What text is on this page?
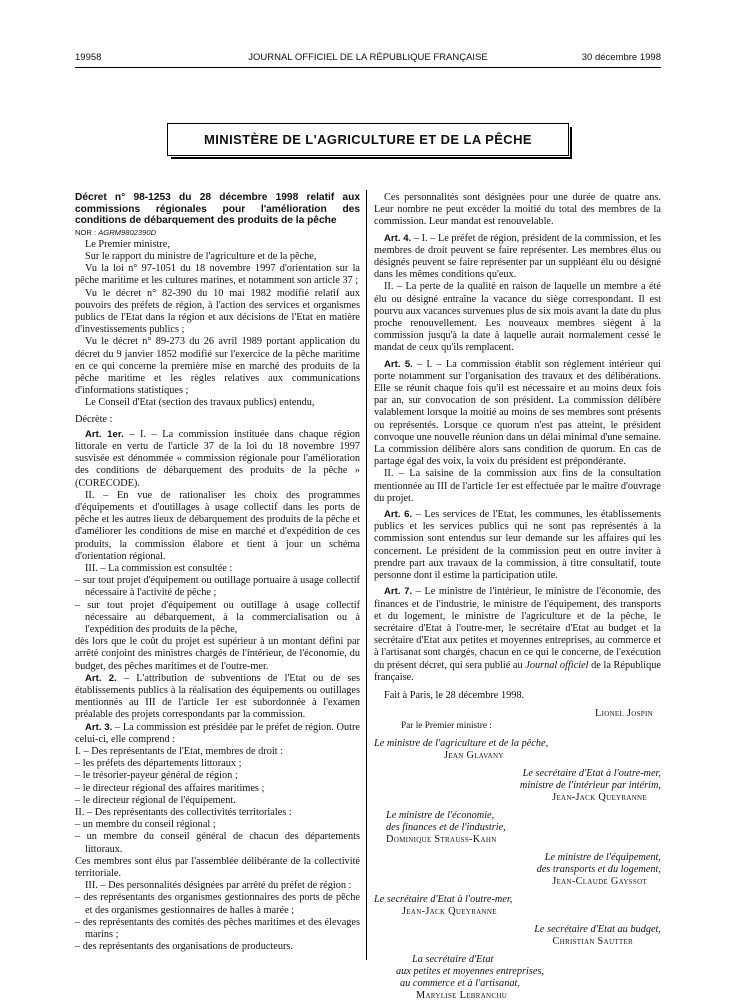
19958	JOURNAL OFFICIEL DE LA RÉPUBLIQUE FRANÇAISE	30 décembre 1998
MINISTÈRE DE L'AGRICULTURE ET DE LA PÊCHE

Décret n° 98-1253 du 28 décembre 1998 relatif aux commissions régionales pour l'amélioration des conditions de débarquement des produits de la pêche

NOR : AGRM9802390D

Le Premier ministre,

Sur le rapport du ministre de l'agriculture et de la pêche,

Vu la loi n° 97-1051 du 18 novembre 1997 d'orientation sur la pêche maritime et les cultures marines, et notamment son article 37 ;

Vu le décret n° 82-390 du 10 mai 1982 modifié relatif aux pouvoirs des préfets de région, à l'action des services et organismes publics de l'Etat dans la région et aux décisions de l'Etat en matière d'investissements publics ;

Vu le décret n° 89-273 du 26 avril 1989 portant application du décret du 9 janvier 1852 modifié sur l'exercice de la pêche maritime en ce qui concerne la première mise en marché des produits de la pêche maritime et les règles relatives aux communications d'informations statistiques ;

Le Conseil d'Etat (section des travaux publics) entendu,

Décrète :

Art. 1er. – I. – La commission instituée dans chaque région littorale en vertu de l'article 37 de la loi du 18 novembre 1997 susvisée est dénommée « commission régionale pour l'amélioration des conditions de débarquement des produits de la pêche » (CORECODE).

II. – En vue de rationaliser les choix des programmes d'équipements et d'outillages à usage collectif dans les ports de pêche et les autres lieux de débarquement des produits de la pêche et d'améliorer les conditions de mise en marché et d'expédition de ces produits, la commission élabore et tient à jour un schéma d'orientation régional.

III. – La commission est consultée :

– sur tout projet d'équipement ou outillage portuaire à usage collectif nécessaire à l'activité de pêche ;
– sur tout projet d'équipement ou outillage à usage collectif nécessaire au débarquement, à la commercialisation ou à l'expédition des produits de la pêche,

dès lors que le coût du projet est supérieur à un montant défini par arrêté conjoint des ministres chargés de l'intérieur, de l'économie, du budget, des pêches maritimes et de l'outre-mer.

Art. 2. – L'attribution de subventions de l'Etat ou de ses établissements publics à la réalisation des équipements ou outillages mentionnés au III de l'article 1er est subordonnée à l'examen préalable des projets correspondants par la commission.

Art. 3. – La commission est présidée par le préfet de région. Outre celui-ci, elle comprend :

I. – Des représentants de l'Etat, membres de droit :

– les préfets des départements littoraux ;
– le trésorier-payeur général de région ;
– le directeur régional des affaires maritimes ;
– le directeur régional de l'équipement.

II. – Des représentants des collectivités territoriales :

– un membre du conseil régional ;
– un membre du conseil général de chacun des départements littoraux.

Ces membres sont élus par l'assemblée délibérante de la collectivité territoriale.

III. – Des personnalités désignées par arrêté du préfet de région :

– des représentants des organismes gestionnaires des ports de pêche et des organismes gestionnaires de halles à marée ;
– des représentants des comités des pêches maritimes et des élevages marins ;
– des représentants des organisations de producteurs.

Ces personnalités sont désignées pour une durée de quatre ans. Leur nombre ne peut excéder la moitié du total des membres de la commission. Leur mandat est renouvelable.

Art. 4. – I. – Le préfet de région, président de la commission, et les membres de droit peuvent se faire représenter. Les membres élus ou désignés peuvent se faire représenter par un suppléant élu ou désigné dans les mêmes conditions qu'eux.

II. – La perte de la qualité en raison de laquelle un membre a été élu ou désigné entraîne la vacance du siège correspondant. Il est pourvu aux vacances survenues plus de six mois avant la date du plus proche renouvellement. Les nouveaux membres siègent à la commission jusqu'à la date à laquelle aurait normalement cessé le mandat de ceux qu'ils remplacent.

Art. 5. – I. – La commission établit son règlement intérieur qui porte notamment sur l'organisation des travaux et des délibérations. Elle se réunit chaque fois qu'il est nécessaire et au moins deux fois par an, sur convocation de son président. La commission délibère valablement lorsque la moitié au moins de ses membres sont présents ou représentés. Lorsque ce quorum n'est pas atteint, le président convoque une nouvelle réunion dans un délai minimal d'une semaine. La commission délibère alors sans condition de quorum. En cas de partage égal des voix, la voix du président est prépondérante.

II. – La saisine de la commission aux fins de la consultation mentionnée au III de l'article 1er est effectuée par le maître d'ouvrage du projet.

Art. 6. – Les services de l'Etat, les communes, les établissements publics et les services publics qui ne sont pas représentés à la commission sont entendus sur leur demande sur les affaires qui les concernent. Le président de la commission peut en outre inviter à prendre part aux travaux de la commission, à titre consultatif, toute personne dont il estime la participation utile.

Art. 7. – Le ministre de l'intérieur, le ministre de l'économie, des finances et de l'industrie, le ministre de l'équipement, des transports et du logement, le ministre de l'agriculture et de la pêche, le secrétaire d'Etat à l'outre-mer, le secrétaire d'Etat au budget et la secrétaire d'Etat aux petites et moyennes entreprises, au commerce et à l'artisanat sont chargés, chacun en ce qui le concerne, de l'exécution du présent décret, qui sera publié au Journal officiel de la République française.

Fait à Paris, le 28 décembre 1998.

Lionel Jospin
Par le Premier ministre :
Le ministre de l'agriculture et de la pêche,
Jean Glavany
Le secrétaire d'Etat à l'outre-mer,
ministre de l'intérieur par intérim,
Jean-Jack Queyranne
Le ministre de l'économie,
des finances et de l'industrie,
Dominique Strauss-Kahn
Le ministre de l'équipement,
des transports et du logement,
Jean-Claude Gayssot
Le secrétaire d'Etat à l'outre-mer,
Jean-Jack Queyranne
Le secrétaire d'Etat au budget,
Christian Sautter
La secrétaire d'Etat
aux petites et moyennes entreprises,
au commerce et à l'artisanat,
Marylise Lebranchu
